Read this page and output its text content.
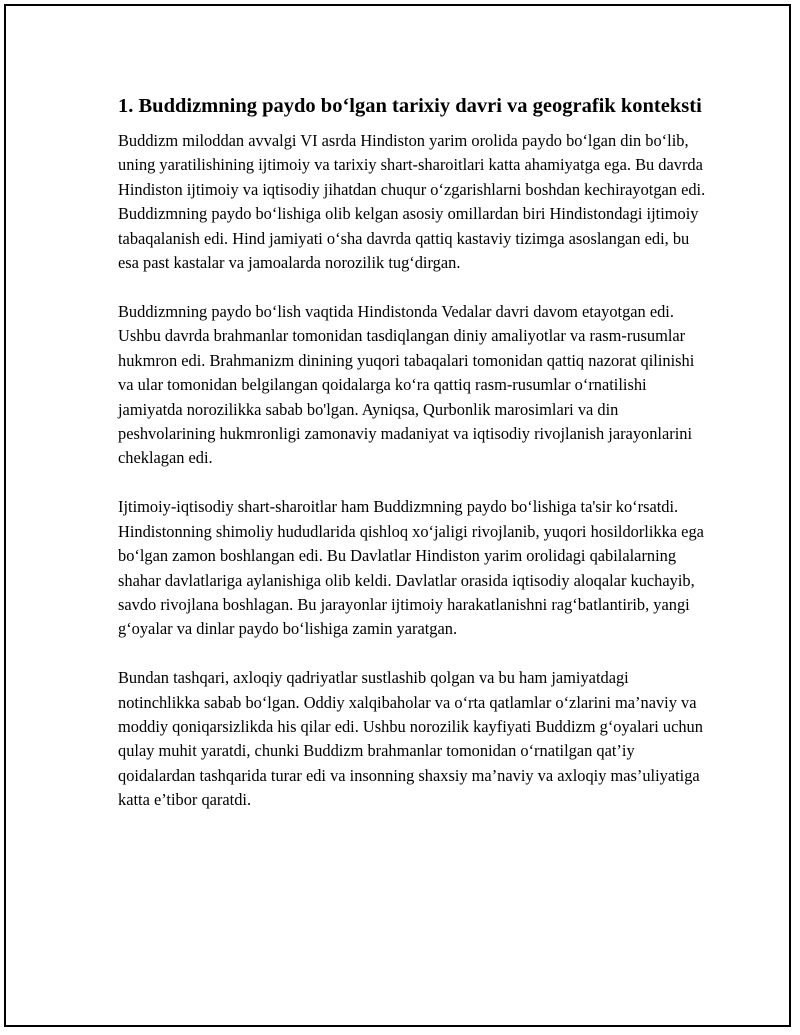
1. Buddizmning paydo bo‘lgan tarixiy davri va geografik konteksti

Buddizm miloddan avvalgi VI asrda Hindiston yarim orolida paydo bo‘lgan din bo‘lib, uning yaratilishining ijtimoiy va tarixiy shart-sharoitlari katta ahamiyatga ega. Bu davrda Hindiston ijtimoiy va iqtisodiy jihatdan chuqur o‘zgarishlarni boshdan kechirayotgan edi. Buddizmning paydo bo‘lishiga olib kelgan asosiy omillardan biri Hindistondagi ijtimoiy tabaqalanish edi. Hind jamiyati o‘sha davrda qattiq kastaviy tizimga asoslangan edi, bu esa past kastalar va jamoalarda norozilik tug‘dirgan.

Buddizmning paydo bo‘lish vaqtida Hindistonda Vedalar davri davom etayotgan edi. Ushbu davrda brahmanlar tomonidan tasdiqlangan diniy amaliyotlar va rasm-rusumlar hukmron edi. Brahmanizm dinining yuqori tabaqalari tomonidan qattiq nazorat qilinishi va ular tomonidan belgilangan qoidalarga ko‘ra qattiq rasm-rusumlar o‘rnatilishi jamiyatda norozilikka sabab bo'lgan. Ayniqsa, Qurbonlik marosimlari va din peshvolarining hukmronligi zamonaviy madaniyat va iqtisodiy rivojlanish jarayonlarini cheklagan edi.

Ijtimoiy-iqtisodiy shart-sharoitlar ham Buddizmning paydo bo‘lishiga ta'sir ko‘rsatdi. Hindistonning shimoliy hududlarida qishloq xo‘jaligi rivojlanib, yuqori hosildorlikka ega bo‘lgan zamon boshlangan edi. Bu Davlatlar Hindiston yarim orolidagi qabilalarning shahar davlatlariga aylanishiga olib keldi. Davlatlar orasida iqtisodiy aloqalar kuchayib, savdo rivojlana boshlagan. Bu jarayonlar ijtimoiy harakatlanishni rag‘batlantirib, yangi g‘oyalar va dinlar paydo bo‘lishiga zamin yaratgan.

Bundan tashqari, axloqiy qadriyatlar sustlashib qolgan va bu ham jamiyatdagi notinchlikka sabab bo‘lgan. Oddiy xalqibaholar va o‘rta qatlamlar o‘zlarini ma’naviy va moddiy qoniqarsizlikda his qilar edi. Ushbu norozilik kayfiyati Buddizm g‘oyalari uchun qulay muhit yaratdi, chunki Buddizm brahmanlar tomonidan o‘rnatilgan qat’iy qoidalardan tashqarida turar edi va insonning shaxsiy ma’naviy va axloqiy mas’uliyatiga katta e’tibor qaratdi.
